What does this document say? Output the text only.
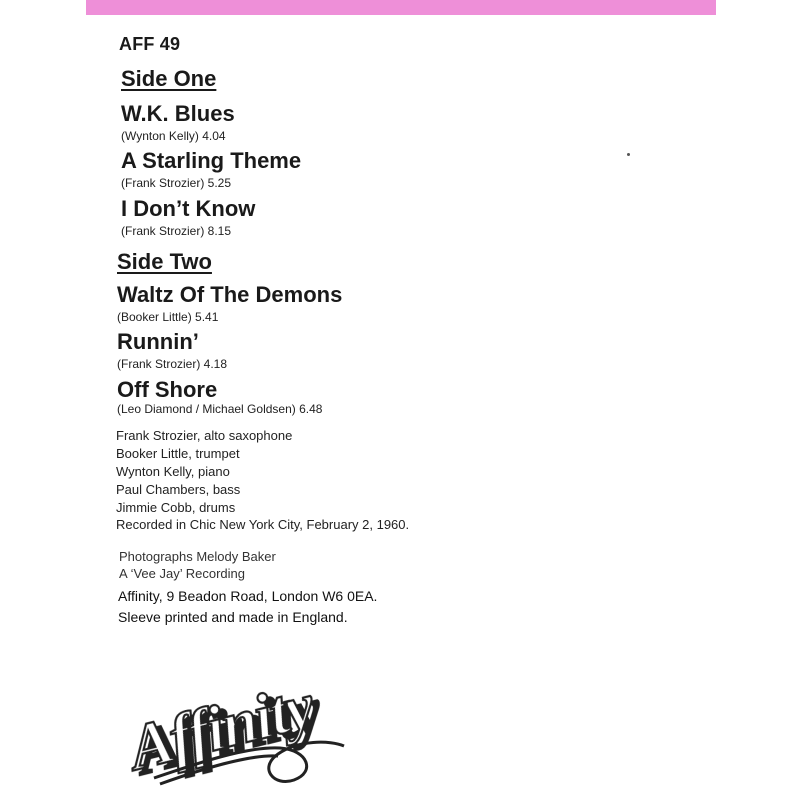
AFF 49
Side One
W.K. Blues
(Wynton Kelly) 4.04
A Starling Theme
(Frank Strozier) 5.25
I Don’t Know
(Frank Strozier) 8.15
Side Two
Waltz Of The Demons
(Booker Little) 5.41
Runnin’
(Frank Strozier) 4.18
Off Shore
(Leo Diamond / Michael Goldsen) 6.48
Frank Strozier, alto saxophone
Booker Little, trumpet
Wynton Kelly, piano
Paul Chambers, bass
Jimmie Cobb, drums
Recorded in Chic New York City, February 2, 1960.
Photographs Melody Baker
A ‘Vee Jay’ Recording
Affinity, 9 Beadon Road, London W6 0EA.
Sleeve printed and made in England.
Affinity
